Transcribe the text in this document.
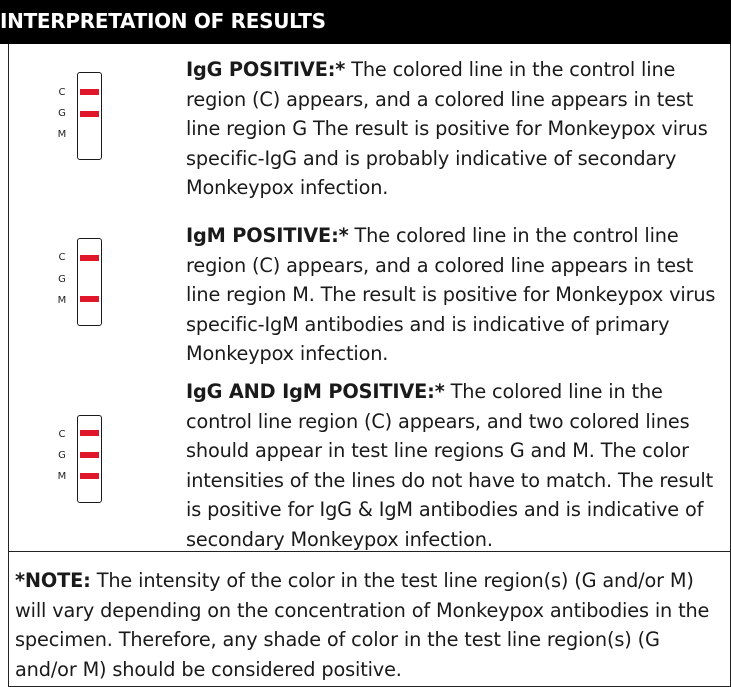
INTERPRETATION OF RESULTS
C
G
M
IgG POSITIVE:* The colored line in the control line region (C) appears, and a colored line appears in test line region G The result is positive for Monkeypox virus specific-IgG and is probably indicative of secondary Monkeypox infection.
C
G
M
IgM POSITIVE:* The colored line in the control line region (C) appears, and a colored line appears in test line region M. The result is positive for Monkeypox virus specific-IgM antibodies and is indicative of primary Monkeypox infection.
C
G
M
IgG AND IgM POSITIVE:* The colored line in the control line region (C) appears, and two colored lines should appear in test line regions G and M. The color intensities of the lines do not have to match. The result is positive for IgG & IgM antibodies and is indicative of secondary Monkeypox infection.
*NOTE: The intensity of the color in the test line region(s) (G and/or M) will vary depending on the concentration of Monkeypox antibodies in the specimen. Therefore, any shade of color in the test line region(s) (G and/or M) should be considered positive.
